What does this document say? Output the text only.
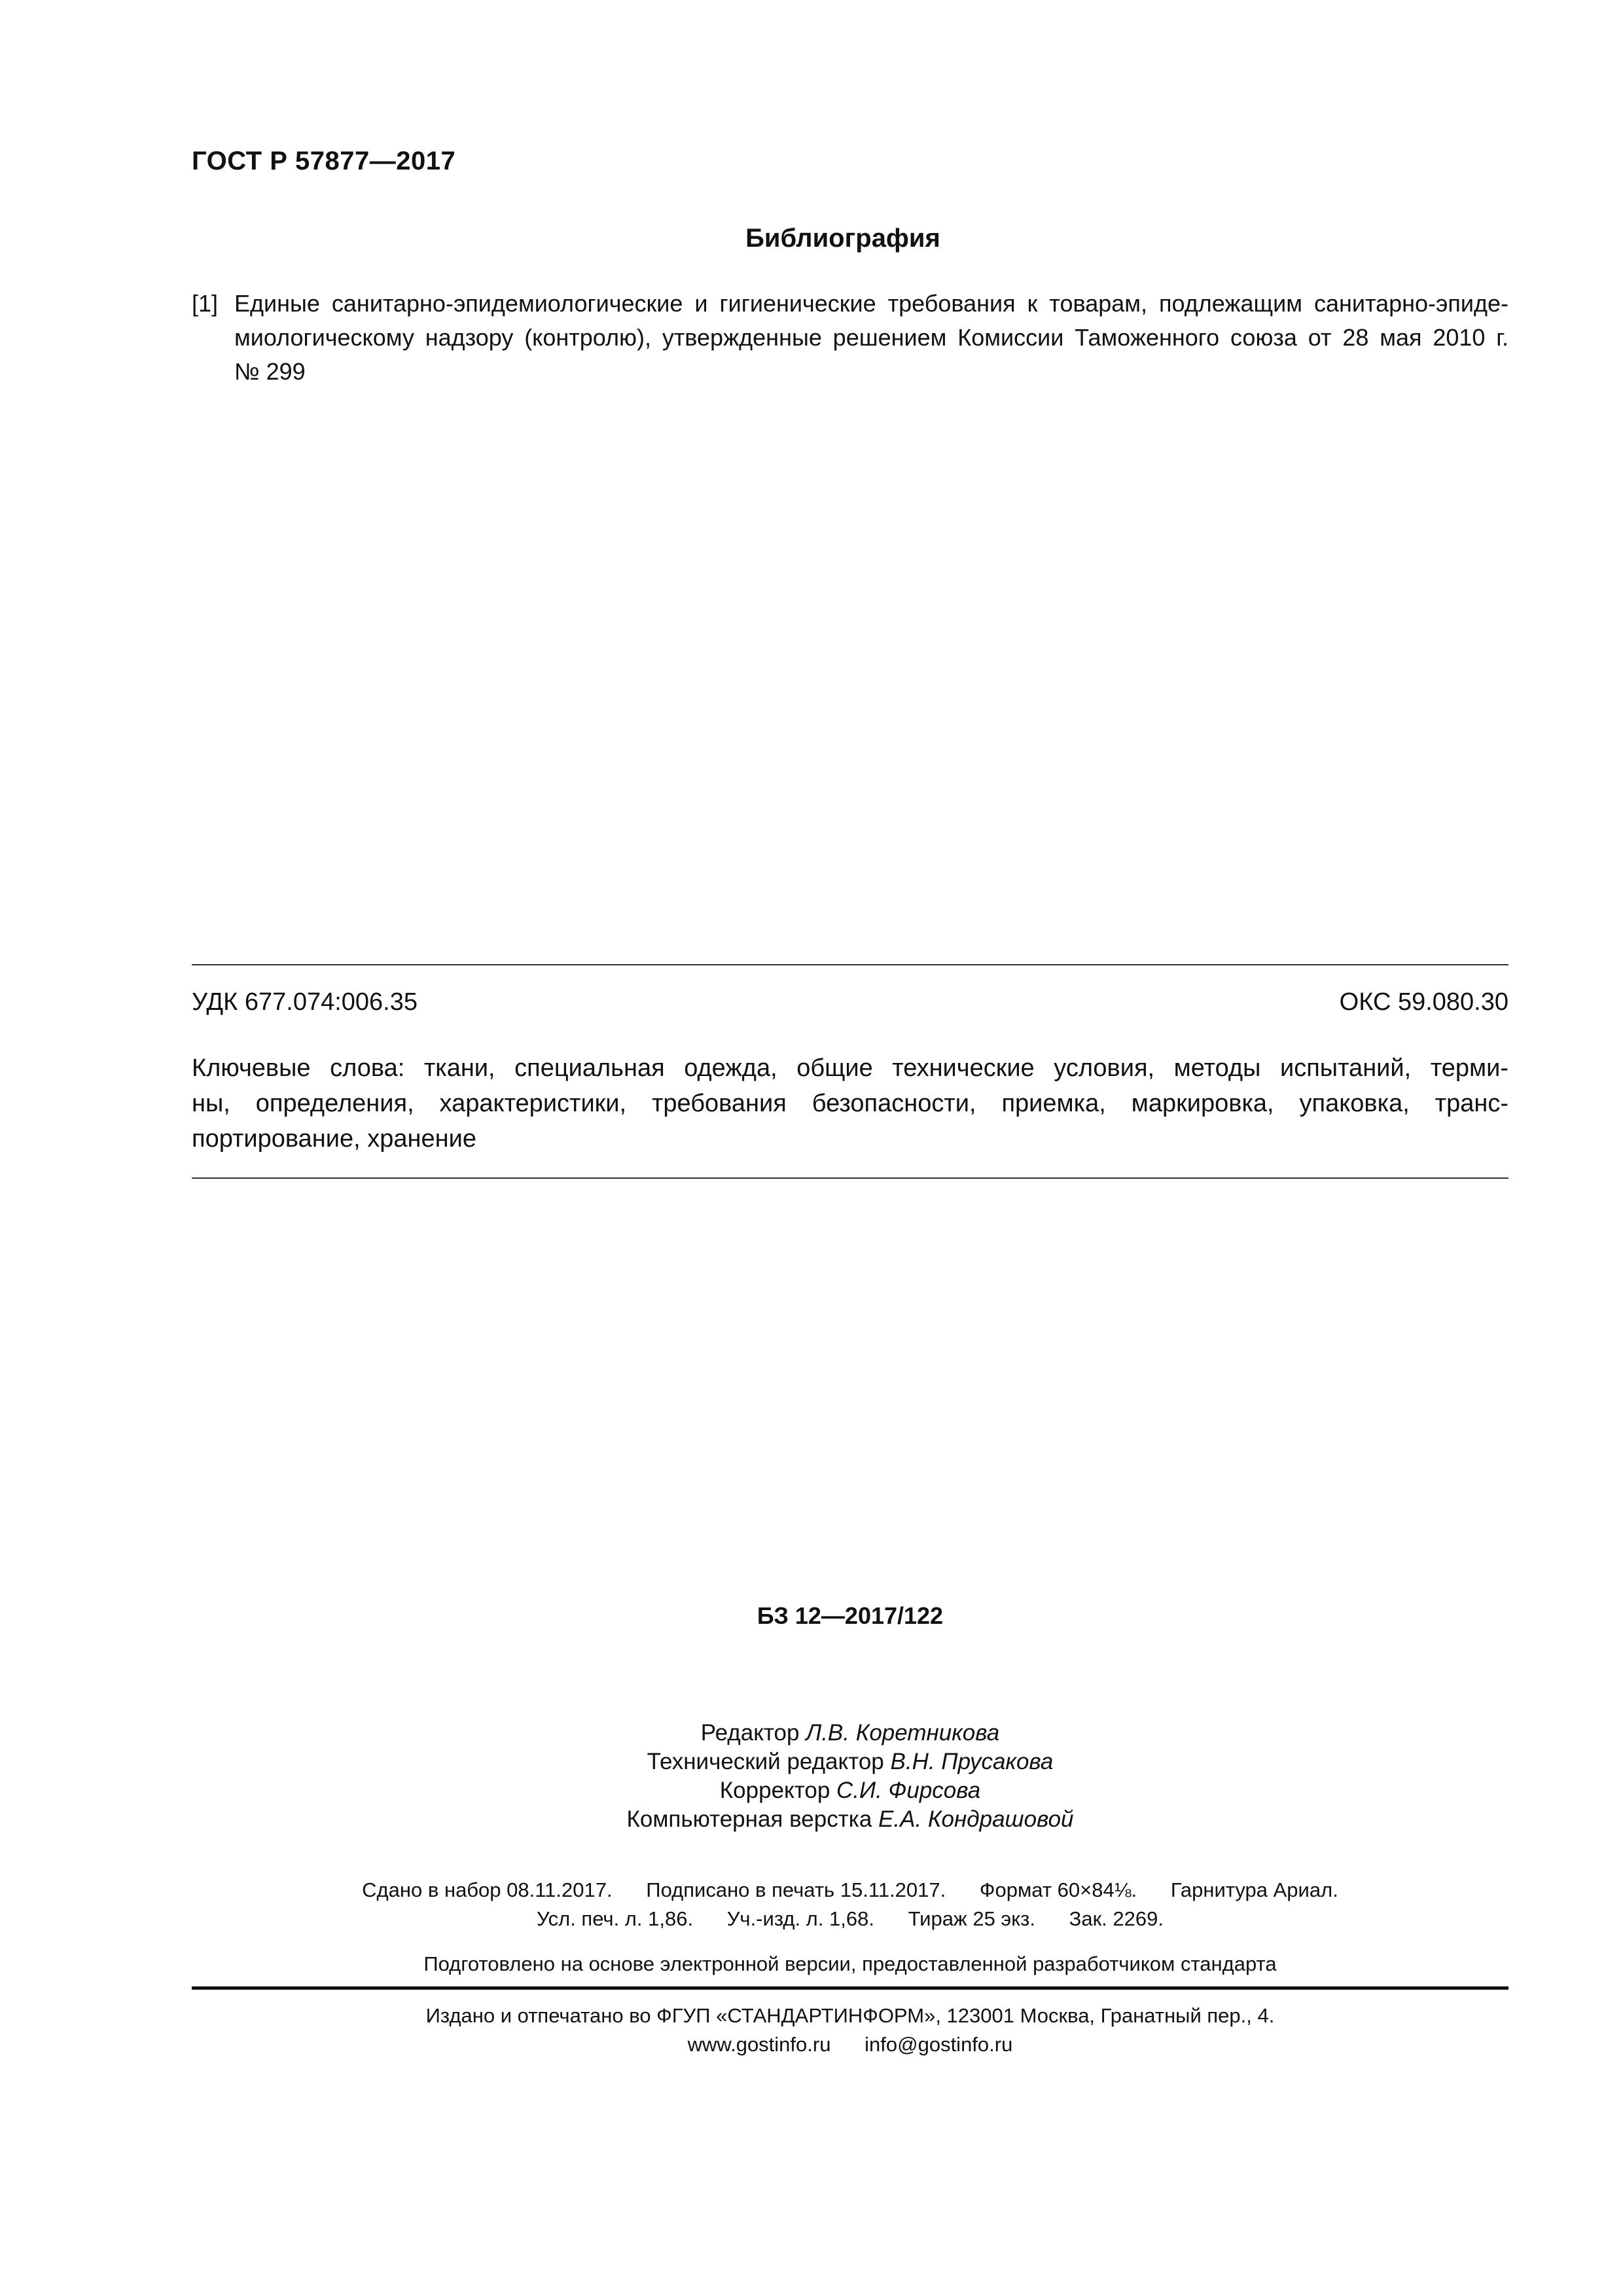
ГОСТ Р 57877—2017
Библиография
[1] Единые санитарно-эпидемиологические и гигиенические требования к товарам, подлежащим санитарно-эпиде-
миологическому надзору (контролю), утвержденные решением Комиссии Таможенного союза от 28 мая 2010 г.
№ 299
УДК 677.074:006.35	ОКС 59.080.30
Ключевые слова: ткани, специальная одежда, общие технические условия, методы испытаний, терми-
ны, определения, характеристики, требования безопасности, приемка, маркировка, упаковка, транс-
портирование, хранение
БЗ 12—2017/122
Редактор Л.В. Коретникова
Технический редактор В.Н. Прусакова
Корректор С.И. Фирсова
Компьютерная верстка Е.А. Кондрашовой
Сдано в набор 08.11.2017.      Подписано в печать 15.11.2017.      Формат 60×84⅛.      Гарнитура Ариал.
Усл. печ. л. 1,86.      Уч.-изд. л. 1,68.      Тираж 25 экз.      Зак. 2269.
Подготовлено на основе электронной версии, предоставленной разработчиком стандарта
Издано и отпечатано во ФГУП «СТАНДАРТИНФОРМ», 123001 Москва, Гранатный пер., 4.
www.gostinfo.ru      info@gostinfo.ru
